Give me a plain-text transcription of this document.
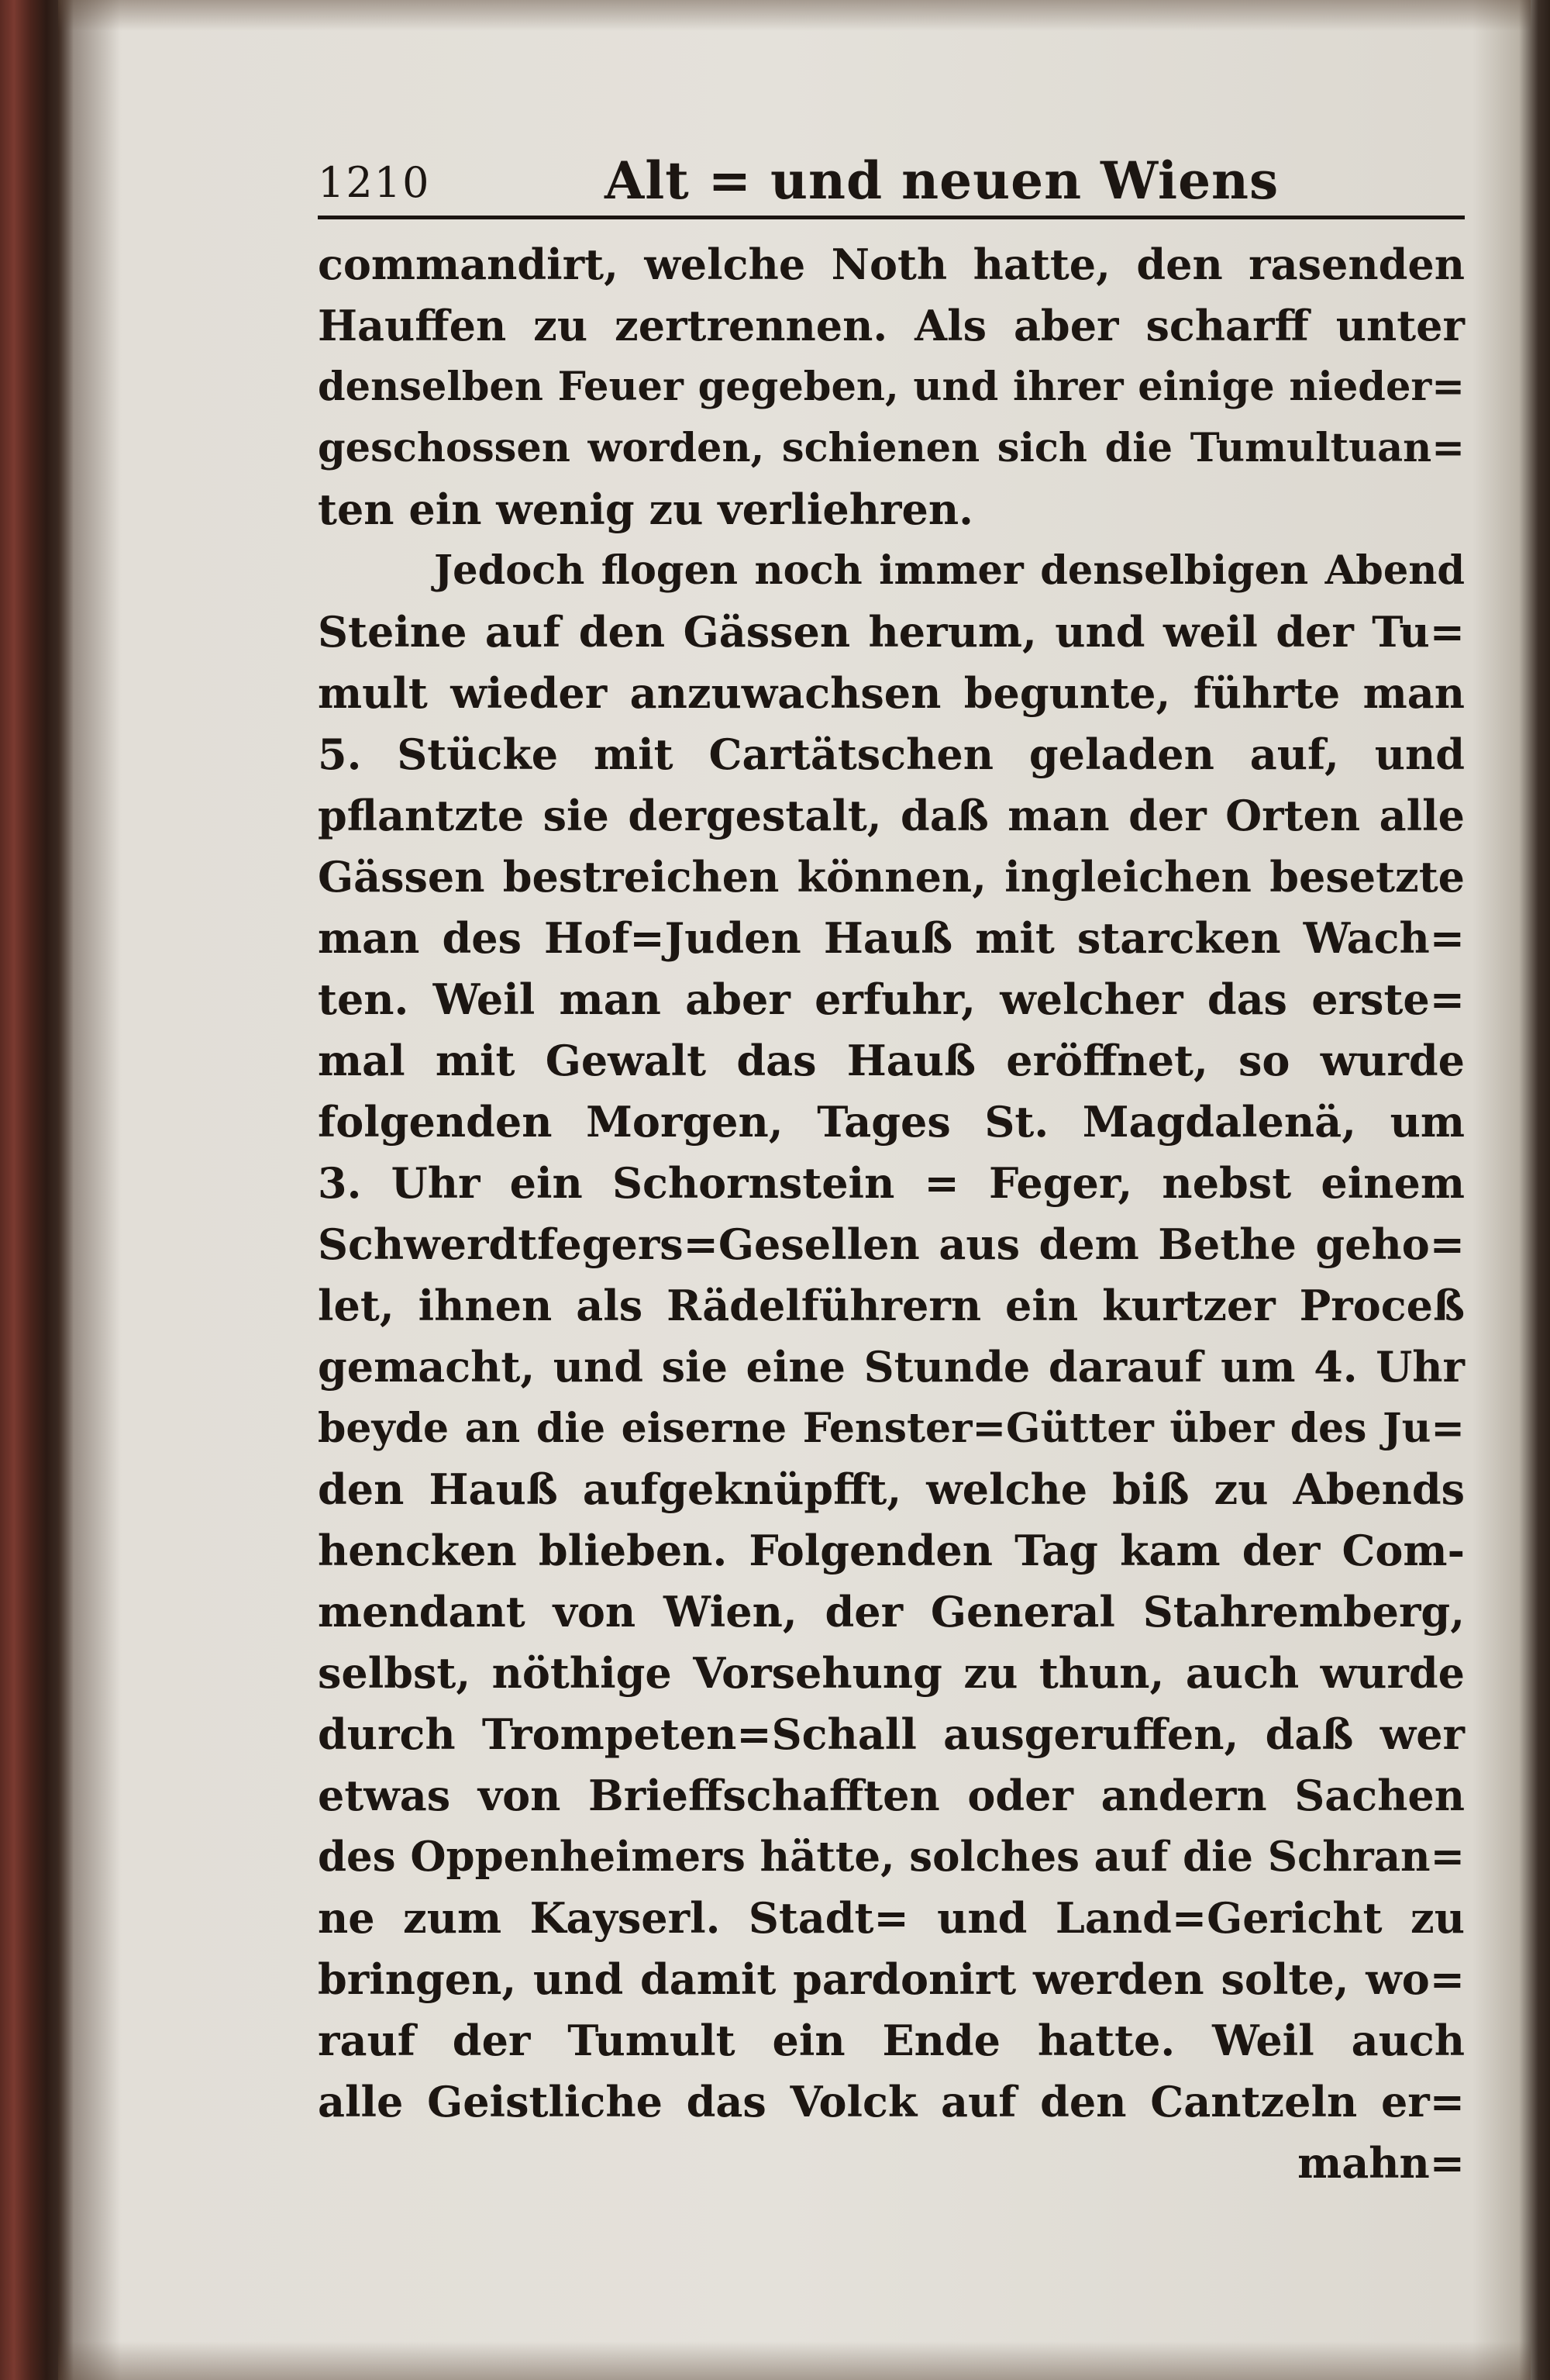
1210	Alt = und neuen Wiens
commandirt, welche Noth hatte, den rasenden
Hauffen zu zertrennen. Als aber scharff unter
denselben Feuer gegeben, und ihrer einige nieder=
geschossen worden, schienen sich die Tumultuan=
ten ein wenig zu verliehren.
Jedoch flogen noch immer denselbigen Abend
Steine auf den Gässen herum, und weil der Tu=
mult wieder anzuwachsen begunte, führte man
5. Stücke mit Cartätschen geladen auf, und
pflantzte sie dergestalt, daß man der Orten alle
Gässen bestreichen können, ingleichen besetzte
man des Hof=Juden Hauß mit starcken Wach=
ten. Weil man aber erfuhr, welcher das erste=
mal mit Gewalt das Hauß eröffnet, so wurde
folgenden Morgen, Tages St. Magdalenä, um
3. Uhr ein Schornstein = Feger, nebst einem
Schwerdtfegers=Gesellen aus dem Bethe geho=
let, ihnen als Rädelführern ein kurtzer Proceß
gemacht, und sie eine Stunde darauf um 4. Uhr
beyde an die eiserne Fenster=Gütter über des Ju=
den Hauß aufgeknüpfft, welche biß zu Abends
hencken blieben. Folgenden Tag kam der Com-
mendant von Wien, der General Stahremberg,
selbst, nöthige Vorsehung zu thun, auch wurde
durch Trompeten=Schall ausgeruffen, daß wer
etwas von Brieffschafften oder andern Sachen
des Oppenheimers hätte, solches auf die Schran=
ne zum Kayserl. Stadt= und Land=Gericht zu
bringen, und damit pardonirt werden solte, wo=
rauf der Tumult ein Ende hatte. Weil auch
alle Geistliche das Volck auf den Cantzeln er=
mahn=
